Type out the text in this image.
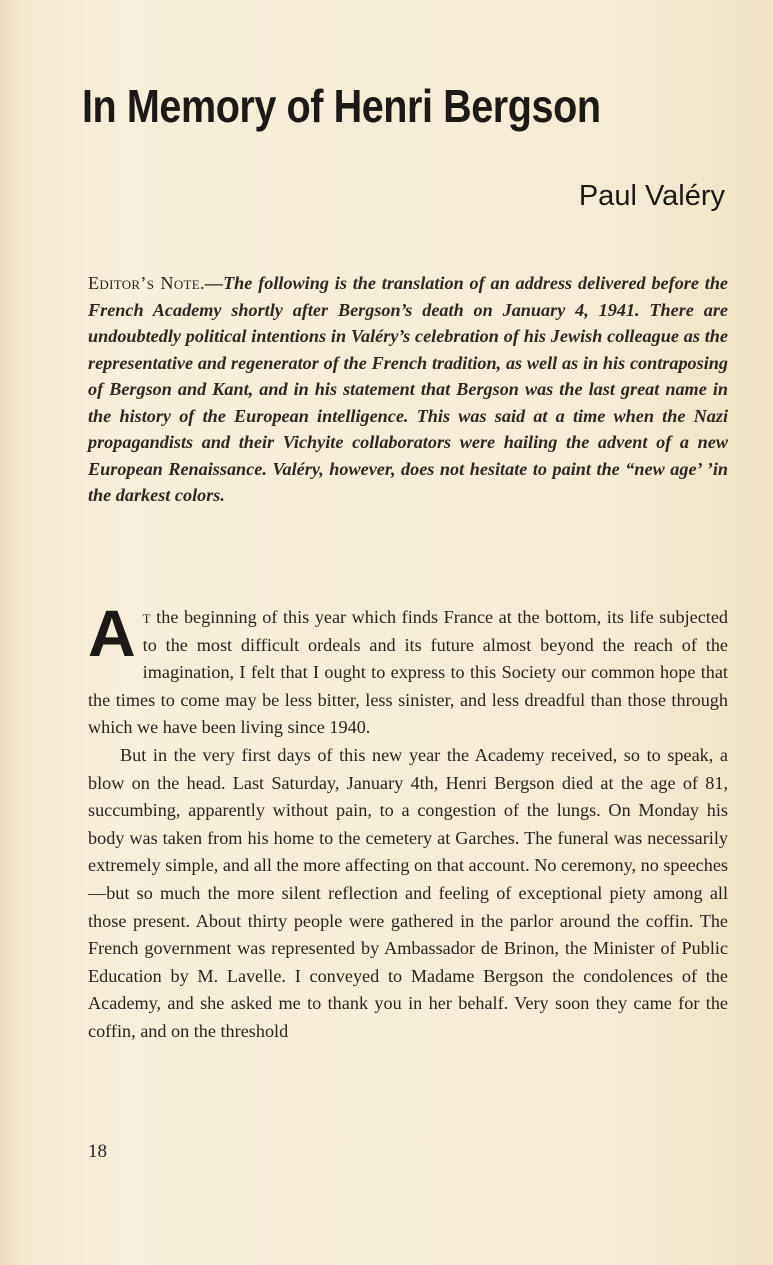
In Memory of Henri Bergson
Paul Valéry
Editor’s Note.—The following is the translation of an address delivered before the French Academy shortly after Bergson’s death on January 4, 1941. There are undoubtedly political intentions in Valéry’s celebration of his Jewish colleague as the representative and regenerator of the French tradition, as well as in his contraposing of Bergson and Kant, and in his statement that Bergson was the last great name in the history of the European intelligence. This was said at a time when the Nazi propagandists and their Vichyite collaborators were hailing the advent of a new European Renaissance. Valéry, however, does not hesitate to paint the “new age’ ’in the darkest colors.

At the beginning of this year which finds France at the bottom, its life subjected to the most difficult ordeals and its future almost beyond the reach of the imagination, I felt that I ought to express to this Society our common hope that the times to come may be less bitter, less sinister, and less dreadful than those through which we have been living since 1940.

But in the very first days of this new year the Academy received, so to speak, a blow on the head. Last Saturday, January 4th, Henri Bergson died at the age of 81, succumbing, apparently without pain, to a congestion of the lungs. On Monday his body was taken from his home to the cemetery at Garches. The funeral was necessarily extremely simple, and all the more affecting on that account. No ceremony, no speeches—but so much the more silent reflection and feeling of exceptional piety among all those present. About thirty people were gathered in the parlor around the coffin. The French government was represented by Ambassador de Brinon, the Minister of Public Education by M. Lavelle. I conveyed to Madame Bergson the condolences of the Academy, and she asked me to thank you in her behalf. Very soon they came for the coffin, and on the threshold

18
